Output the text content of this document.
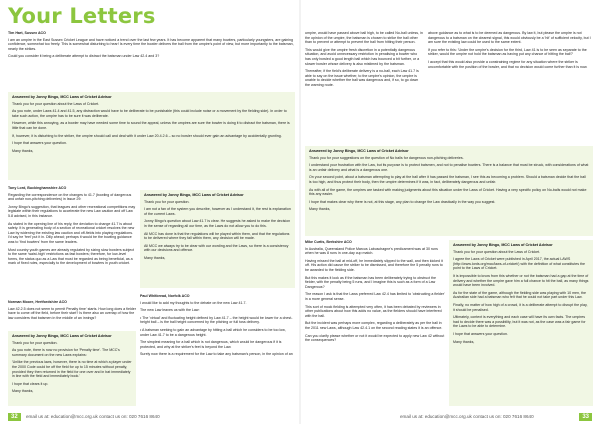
Your Letters
Tim Hart, Sussex ACO

I am an umpire in the East Sussex Cricket League and have noticed a trend over the last few years. It has become apparent that many bowlers, particularly youngsters, are gaining confidence, somewhat too freely. This is somewhat disturbing to hear! Is every time the bowler delivers the ball from the umpire's point of view, but more importantly to the batsman, nearly the strikes.

Could you consider it being a deliberate attempt to distract the batsman under Law 42.4 and 3?

Answered by Jonny Bingo, MCC Laws of Cricket Advisor

Thank you for your question about the Laws of Cricket.

As you note, under Laws 41.4 and 41.5, any distraction would have to be deliberate to be punishable (this could include noise or a movement by the fielding side). In order to take such action, the umpire has to be sure it was deliberate.

However, while this annoying, as a bowler may have needed some time to sound the appeal, unless the umpires are sure the bowler is doing it to distract the batsman, there is little that can be done.

If, however, it is disturbing to the striker, the umpire should call and deal with it under Law 20.4.2.6 – so no bowler should ever gain an advantage by accidentally grunting.

I hope that answers your question.

Many thanks,

Tony Lord, Buckinghamshire ACO

Regarding the correspondence on the changes to 41.7 (bowling of dangerous and unfair non-pitching deliveries) in Issue 29:

Jonny Bingo's suggestion, that leagues and other recreational competitions may legislate within their regulations to accelerate the new Law caution and off Law 5.8 advised, in this instance.

As stated in the opening line of his reply, the deviation to change 41.7 is about safety. It is generating body of a section of recreational cricket resolves the new Law by widening the existing law caution and off-fields into playing regulations. I'd say he 'feel' put it in. Dilly ahead; perhaps it would be the bowling guidance was to 'find bowlers' from the same leaders.

Most country youth games are already regulated by sizing slow bowlers subject to the same 'waist-high' restrictions as fast bowlers; therefore, for low-level forms, the status quo as a Law that must be regarded as being beneficial, as a mark of fixed rules, especially to the development of bowlers in youth cricket.

Norman Moore, Hertfordshire ACO

Law 42.2.5 does not seem to permit Penalty time' starts. How long does a fielder have to come off the field, before their start? Is there also an overlap of how the law considers that batsmen in the middle of an innings?

Answered by Jonny Bingo, MCC Laws of Cricket Advisor

Thank you for your question.

As you note, there is now no provision for 'Penalty time'. The MCC's summary document on the new Laws explains:

'Unlike the previous laws, however, there is no time at which a player under the 2000 Code could be off the field for up to 15 minutes without penalty, provided they then returned in the field for one over and in bat immediately in line with the field and immediately book.'

I hope that clears it up.

Many thanks,

Answered by Jonny Bingo, MCC Laws of Cricket Advisor

Thank you for your question.

I am not a fan of the system you describe, however as I understand it, the rest is explanation of the current Laws.

Jonny Bingo's question about Law 41.7 is clear. He suggests he asked to make the decision in the sense of regarding all our time, as the Laws do not allow you to do this.

All MCC has done is that the regulations will be played within them, and that the regulations to be delivered where they fall within them, any decision will be made.

All MCC we always try to be clear with our wording and the Laws, so there is a consistency with our decisions and offence.

Many thanks,

Paul Whitbread, Norfolk ACO

I would like to add my thoughts to the debate on the new Law 41.7.

The new Law leaves us with the Law:

• The 'virtual' and fluctuating height defined by Law 41.7 – the height would be lower for a chest-height ball – is the ball height concerned by the pitching or full toss delivery.

• A batsman seeking to gain an advantage by hitting a ball which he considers to be too low, under Law 41.7 to be a dangerous height.

The simplest meaning for a ball which is not dangerous, which would be dangerous if it is protected, and why at the striker's feet is beyond the Law.

Surely now there is a requirement for the Law to take any batsman's person, in the opinion of an

umpire, would have passed above ball high, to be called No-ball unless, in the opinion of the umpire, the batsman is chosen to strike the ball other than to prevent or attempt to prevent the ball from hitting their person.

This would give the umpire fresh discretion in a potentially dangerous situation, and avoid unnecessary restriction in penalising a bowler who has only bowled a good length ball which has bounced a bit further, or a slower bowler whose delivery is also mistimed by the batsman.

Thereafter, if the field's deliberate delivery is a no-ball, each Law 41.7 is able to say on the issue whether, to the umpire's opinion, the umpire is unable to decide whether the ball was dangerous and, if so, to go down the warning route.

above guidance as to what is to be deemed as dangerous. By law it, but please the umpire is not dangerous to a batsman on the clearest signal, this would obviously be a 'hit' of sufficient velocity, but I am sure the existing law could be used to the same extent.

If you refer to this: 'Under the umpire's decision for the third, Law 41 is to be seen as separate to the striker, would the umpire not hold the batsman as having put any chance of hitting the ball?'

I accept that this would also provide a constraining regime for any situation where the striker is uncomfortable with the position of the bowler, and that no decision would come further than it is now.

Answered by Jonny Bingo, MCC Laws of Cricket Advisor

Thank you for your suggestions on the question of No balls for dangerous non-pitching deliveries.

I understand your frustration with the Law, but its purpose is to protect batsmen, and not to penalise bowlers. There is a balance that must be struck, with considerations of what is an unfair delivery and what is a dangerous one.

On your second point, about a batsman attempting to play at the ball after it has passed the batsman, I see this as becoming a problem. Should a batsman decide that the ball is too high, and thus protect their body, then the umpire determines if it was, in fact, deliberately dangerous and unfair.

As with all of the game, the umpires are tasked with making judgments about this situation under the Laws of Cricket. Having a very specific policy on No-balls would not make this any easier.

I hope that makes clear why there is not, at this stage, any plan to change the Law drastically in the way you suggest.

Many thanks,

Mike Curtis, Berkshire ACO

In Australia, Queensland Police Marcus Labuschagne's predicament was at 30 runs when he was 8 runs in one-day cup match.

Having missed the ball at mid-off, he immediately slipped to the wall, and then kicked it off. His action did cause the striker to be dismissed, and therefore the 5 penalty runs to be awarded to the fielding side.

But this makes it look as if the batsman has been deliberately trying to obstruct the fielder, with the penalty being 5 runs, and I imagine this is such as a form of a Law Dangerous?

The reason I ask is that the Laws preferred Law 42.4 has limited to 'obstructing a fielder' in a more general sense.

This sort of mock fielding is attempted very often, it has been debated by reviewers in other publications about how this adds no value, as the fielders should have interfered with the ball.

But the incident was perhaps more complex, regarding a deliberately as per the ball in the 2011 new Laws, although Law 42.4.1 on the second reading states it is an offence.

Can you clarify please whether or not it would be expected to apply new Law 42 without the consequences?

Answered by Jonny Bingo, MCC Laws of Cricket Advisor

Thank you for your question about the Laws of Cricket.

I agree the Laws of Cricket were published in April 2017, the actual LAWS (http://www.lords.org/mcc/laws-of-cricket/) with the definition of what constitutes the point to the Laws of Cricket.

It is impossible to know from this whether or not the batsman had a gap at the time of delivery and whether the umpire gave him a full chance to hit the ball, as many things would have been involved.

As for the state of the game, although the fielding side was playing with 10 men, the Australian side had a batsman who felt that he could not take part under this Law.

Finally, no matter of how high of a crowd, it is a deliberate attempt to disrupt the play, it should be penalised.

Ultimately, context is everything and each case will have its own facts. The umpires had to decide there was a possibility, but it was not, as the case was a fair game for the Laws to be able to determine.

I hope that answers your question.

Many thanks,

32	email us at: education@mcc.org.uk contact us on: 020 7616 8640	email us at: education@mcc.org.uk contact us on: 020 7616 8640	33
